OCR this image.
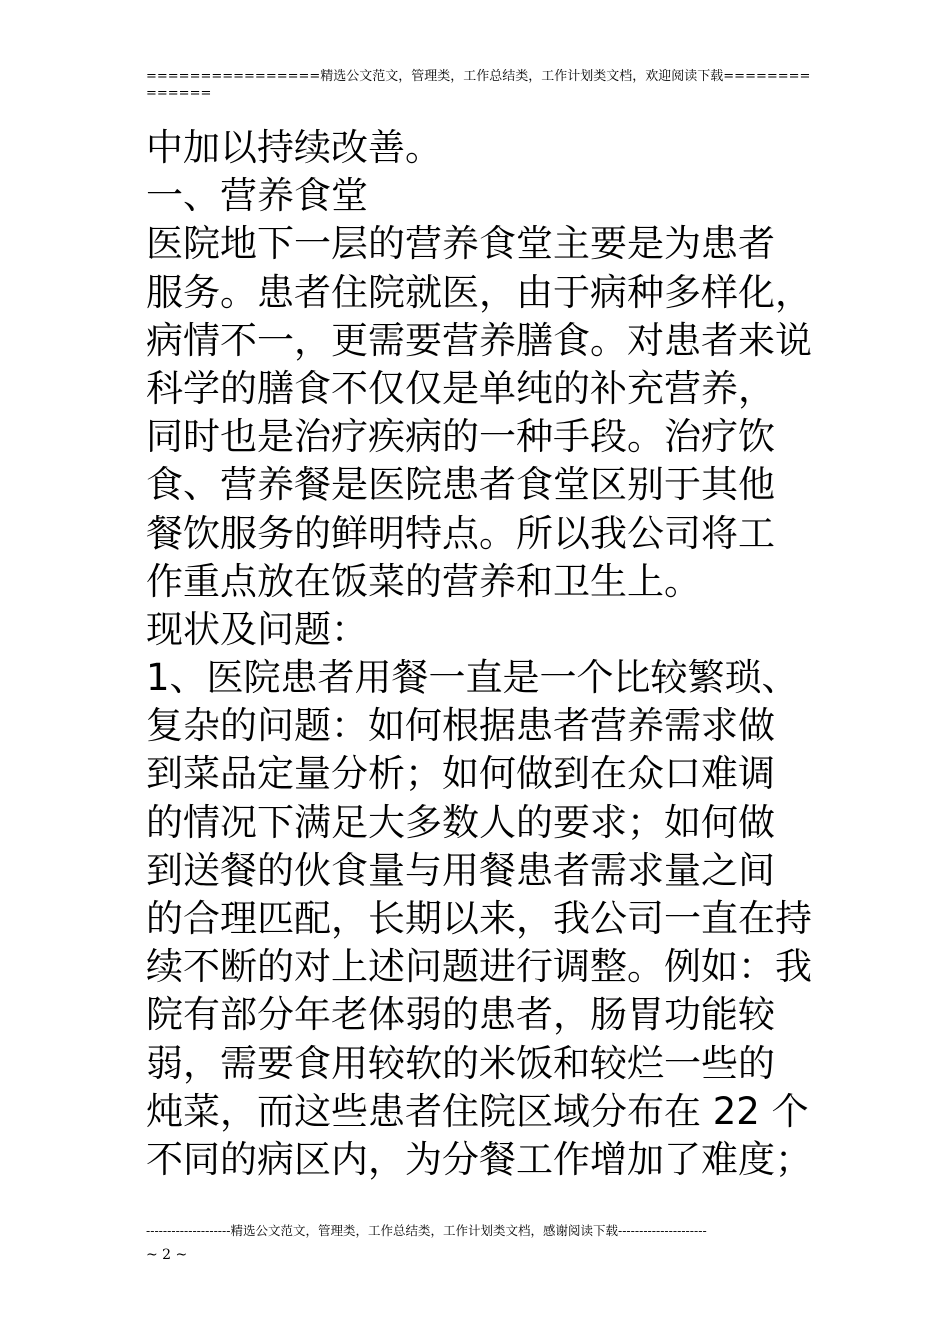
================精选公文范文，管理类，工作总结类，工作计划类文档，欢迎阅读下载==============
中加以持续改善。
一、营养食堂
医院地下一层的营养食堂主要是为患者
服务。患者住院就医，由于病种多样化，
病情不一，更需要营养膳食。对患者来说
科学的膳食不仅仅是单纯的补充营养，
同时也是治疗疾病的一种手段。治疗饮
食、营养餐是医院患者食堂区别于其他
餐饮服务的鲜明特点。所以我公司将工
作重点放在饭菜的营养和卫生上。
现状及问题：
1、医院患者用餐一直是一个比较繁琐、
复杂的问题：如何根据患者营养需求做
到菜品定量分析；如何做到在众口难调
的情况下满足大多数人的要求；如何做
到送餐的伙食量与用餐患者需求量之间
的合理匹配，长期以来，我公司一直在持
续不断的对上述问题进行调整。例如：我
院有部分年老体弱的患者，肠胃功能较
弱，需要食用较软的米饭和较烂一些的
炖菜，而这些患者住院区域分布在 22 个
不同的病区内，为分餐工作增加了难度；
--------------------精选公文范文，管理类，工作总结类，工作计划类文档，感谢阅读下载---------------------
~ 2 ~
